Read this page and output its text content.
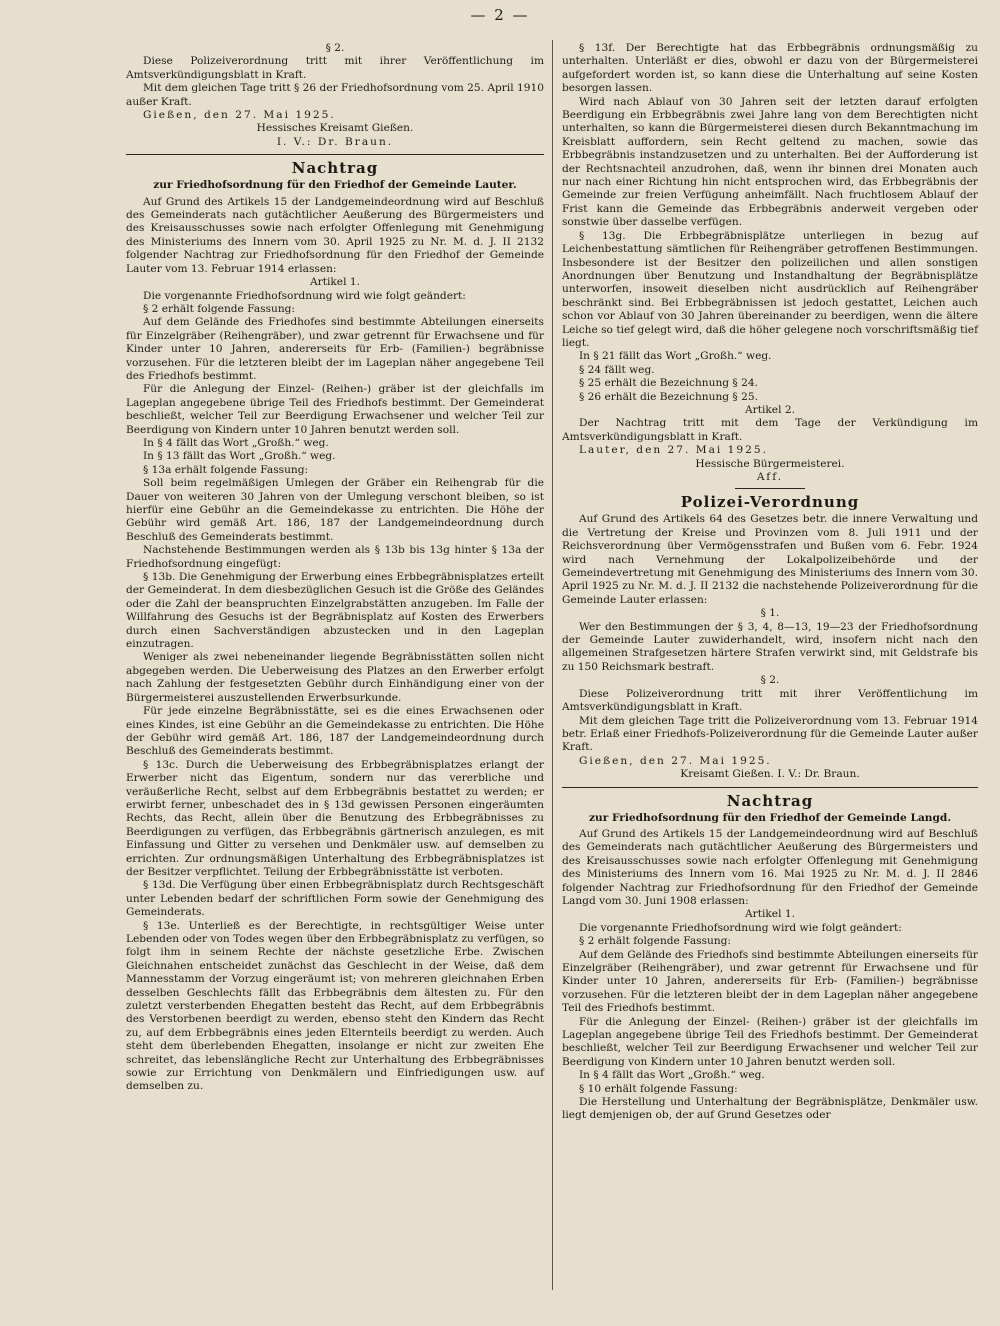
— 2 —

§ 2.

Diese Polizeiverordnung tritt mit ihrer Veröffentlichung im Amtsverkündigungsblatt in Kraft.

Mit dem gleichen Tage tritt § 26 der Friedhofsordnung vom 25. April 1910 außer Kraft.

Gießen, den 27. Mai 1925.

Hessisches Kreisamt Gießen.

I. V.: Dr. Braun.

Nachtrag
zur Friedhofsordnung für den Friedhof der Gemeinde Lauter.

Auf Grund des Artikels 15 der Landgemeindeordnung wird auf Beschluß des Gemeinderats nach gutächtlicher Aeußerung des Bürgermeisters und des Kreisausschusses sowie nach erfolgter Offenlegung mit Genehmigung des Ministeriums des Innern vom 30. April 1925 zu Nr. M. d. J. II 2132 folgender Nachtrag zur Friedhofsordnung für den Friedhof der Gemeinde Lauter vom 13. Februar 1914 erlassen:

Artikel 1.

Die vorgenannte Friedhofsordnung wird wie folgt geändert:

§ 2 erhält folgende Fassung:

Auf dem Gelände des Friedhofes sind bestimmte Abteilungen einerseits für Einzelgräber (Reihengräber), und zwar getrennt für Erwachsene und für Kinder unter 10 Jahren, andererseits für Erb- (Familien-) begräbnisse vorzusehen. Für die letzteren bleibt der im Lageplan näher angegebene Teil des Friedhofs bestimmt.

Für die Anlegung der Einzel- (Reihen-) gräber ist der gleichfalls im Lageplan angegebene übrige Teil des Friedhofs bestimmt. Der Gemeinderat beschließt, welcher Teil zur Beerdigung Erwachsener und welcher Teil zur Beerdigung von Kindern unter 10 Jahren benutzt werden soll.

In § 4 fällt das Wort „Großh.“ weg.

In § 13 fällt das Wort „Großh.“ weg.

§ 13a erhält folgende Fassung:

Soll beim regelmäßigen Umlegen der Gräber ein Reihengrab für die Dauer von weiteren 30 Jahren von der Umlegung verschont bleiben, so ist hierfür eine Gebühr an die Gemeindekasse zu entrichten. Die Höhe der Gebühr wird gemäß Art. 186, 187 der Landgemeindeordnung durch Beschluß des Gemeinderats bestimmt.

Nachstehende Bestimmungen werden als § 13b bis 13g hinter § 13a der Friedhofsordnung eingefügt:

§ 13b. Die Genehmigung der Erwerbung eines Erbbegräbnisplatzes erteilt der Gemeinderat. In dem diesbezüglichen Gesuch ist die Größe des Geländes oder die Zahl der beanspruchten Einzelgrabstätten anzugeben. Im Falle der Willfahrung des Gesuchs ist der Begräbnisplatz auf Kosten des Erwerbers durch einen Sachverständigen abzustecken und in den Lageplan einzutragen.

Weniger als zwei nebeneinander liegende Begräbnisstätten sollen nicht abgegeben werden. Die Ueberweisung des Platzes an den Erwerber erfolgt nach Zahlung der festgesetzten Gebühr durch Einhändigung einer von der Bürgermeisterei auszustellenden Erwerbsurkunde.

Für jede einzelne Begräbnisstätte, sei es die eines Erwachsenen oder eines Kindes, ist eine Gebühr an die Gemeindekasse zu entrichten. Die Höhe der Gebühr wird gemäß Art. 186, 187 der Landgemeindeordnung durch Beschluß des Gemeinderats bestimmt.

§ 13c. Durch die Ueberweisung des Erbbegräbnisplatzes erlangt der Erwerber nicht das Eigentum, sondern nur das vererbliche und veräußerliche Recht, selbst auf dem Erbbegräbnis bestattet zu werden; er erwirbt ferner, unbeschadet des in § 13d gewissen Personen eingeräumten Rechts, das Recht, allein über die Benutzung des Erbbegräbnisses zu Beerdigungen zu verfügen, das Erbbegräbnis gärtnerisch anzulegen, es mit Einfassung und Gitter zu versehen und Denkmäler usw. auf demselben zu errichten. Zur ordnungsmäßigen Unterhaltung des Erbbegräbnisplatzes ist der Besitzer verpflichtet. Teilung der Erbbegräbnisstätte ist verboten.

§ 13d. Die Verfügung über einen Erbbegräbnisplatz durch Rechtsgeschäft unter Lebenden bedarf der schriftlichen Form sowie der Genehmigung des Gemeinderats.

§ 13e. Unterließ es der Berechtigte, in rechtsgültiger Weise unter Lebenden oder von Todes wegen über den Erbbegräbnisplatz zu verfügen, so folgt ihm in seinem Rechte der nächste gesetzliche Erbe. Zwischen Gleichnahen entscheidet zunächst das Geschlecht in der Weise, daß dem Mannesstamm der Vorzug eingeräumt ist; von mehreren gleichnahen Erben desselben Geschlechts fällt das Erbbegräbnis dem ältesten zu. Für den zuletzt versterbenden Ehegatten besteht das Recht, auf dem Erbbegräbnis des Verstorbenen beerdigt zu werden, ebenso steht den Kindern das Recht zu, auf dem Erbbegräbnis eines jeden Elternteils beerdigt zu werden. Auch steht dem überlebenden Ehegatten, insolange er nicht zur zweiten Ehe schreitet, das lebenslängliche Recht zur Unterhaltung des Erbbegräbnisses sowie zur Errichtung von Denkmälern und Einfriedigungen usw. auf demselben zu.

§ 13f. Der Berechtigte hat das Erbbegräbnis ordnungsmäßig zu unterhalten. Unterläßt er dies, obwohl er dazu von der Bürgermeisterei aufgefordert worden ist, so kann diese die Unterhaltung auf seine Kosten besorgen lassen.

Wird nach Ablauf von 30 Jahren seit der letzten darauf erfolgten Beerdigung ein Erbbegräbnis zwei Jahre lang von dem Berechtigten nicht unterhalten, so kann die Bürgermeisterei diesen durch Bekanntmachung im Kreisblatt auffordern, sein Recht geltend zu machen, sowie das Erbbegräbnis instandzusetzen und zu unterhalten. Bei der Aufforderung ist der Rechtsnachteil anzudrohen, daß, wenn ihr binnen drei Monaten auch nur nach einer Richtung hin nicht entsprochen wird, das Erbbegräbnis der Gemeinde zur freien Verfügung anheimfällt. Nach fruchtlosem Ablauf der Frist kann die Gemeinde das Erbbegräbnis anderweit vergeben oder sonstwie über dasselbe verfügen.

§ 13g. Die Erbbegräbnisplätze unterliegen in bezug auf Leichenbestattung sämtlichen für Reihengräber getroffenen Bestimmungen. Insbesondere ist der Besitzer den polizeilichen und allen sonstigen Anordnungen über Benutzung und Instandhaltung der Begräbnisplätze unterworfen, insoweit dieselben nicht ausdrücklich auf Reihengräber beschränkt sind. Bei Erbbegräbnissen ist jedoch gestattet, Leichen auch schon vor Ablauf von 30 Jahren übereinander zu beerdigen, wenn die ältere Leiche so tief gelegt wird, daß die höher gelegene noch vorschriftsmäßig tief liegt.

In § 21 fällt das Wort „Großh.“ weg.

§ 24 fällt weg.

§ 25 erhält die Bezeichnung § 24.

§ 26 erhält die Bezeichnung § 25.

Artikel 2.

Der Nachtrag tritt mit dem Tage der Verkündigung im Amtsverkündigungsblatt in Kraft.

Lauter, den 27. Mai 1925.

Hessische Bürgermeisterei.

Aff.

Polizei-Verordnung

Auf Grund des Artikels 64 des Gesetzes betr. die innere Verwaltung und die Vertretung der Kreise und Provinzen vom 8. Juli 1911 und der Reichsverordnung über Vermögensstrafen und Bußen vom 6. Febr. 1924 wird nach Vernehmung der Lokalpolizeibehörde und der Gemeindevertretung mit Genehmigung des Ministeriums des Innern vom 30. April 1925 zu Nr. M. d. J. II 2132 die nachstehende Polizeiverordnung für die Gemeinde Lauter erlassen:

§ 1.

Wer den Bestimmungen der § 3, 4, 8—13, 19—23 der Friedhofsordnung der Gemeinde Lauter zuwiderhandelt, wird, insofern nicht nach den allgemeinen Strafgesetzen härtere Strafen verwirkt sind, mit Geldstrafe bis zu 150 Reichsmark bestraft.

§ 2.

Diese Polizeiverordnung tritt mit ihrer Veröffentlichung im Amtsverkündigungsblatt in Kraft.

Mit dem gleichen Tage tritt die Polizeiverordnung vom 13. Februar 1914 betr. Erlaß einer Friedhofs-Polizeiverordnung für die Gemeinde Lauter außer Kraft.

Gießen, den 27. Mai 1925.

Kreisamt Gießen. I. V.: Dr. Braun.

Nachtrag
zur Friedhofsordnung für den Friedhof der Gemeinde Langd.

Auf Grund des Artikels 15 der Landgemeindeordnung wird auf Beschluß des Gemeinderats nach gutächtlicher Aeußerung des Bürgermeisters und des Kreisausschusses sowie nach erfolgter Offenlegung mit Genehmigung des Ministeriums des Innern vom 16. Mai 1925 zu Nr. M. d. J. II 2846 folgender Nachtrag zur Friedhofsordnung für den Friedhof der Gemeinde Langd vom 30. Juni 1908 erlassen:

Artikel 1.

Die vorgenannte Friedhofsordnung wird wie folgt geändert:

§ 2 erhält folgende Fassung:

Auf dem Gelände des Friedhofs sind bestimmte Abteilungen einerseits für Einzelgräber (Reihengräber), und zwar getrennt für Erwachsene und für Kinder unter 10 Jahren, andererseits für Erb- (Familien-) begräbnisse vorzusehen. Für die letzteren bleibt der in dem Lageplan näher angegebene Teil des Friedhofs bestimmt.

Für die Anlegung der Einzel- (Reihen-) gräber ist der gleichfalls im Lageplan angegebene übrige Teil des Friedhofs bestimmt. Der Gemeinderat beschließt, welcher Teil zur Beerdigung Erwachsener und welcher Teil zur Beerdigung von Kindern unter 10 Jahren benutzt werden soll.

In § 4 fällt das Wort „Großh.“ weg.

§ 10 erhält folgende Fassung:

Die Herstellung und Unterhaltung der Begräbnisplätze, Denkmäler usw. liegt demjenigen ob, der auf Grund Gesetzes oder
